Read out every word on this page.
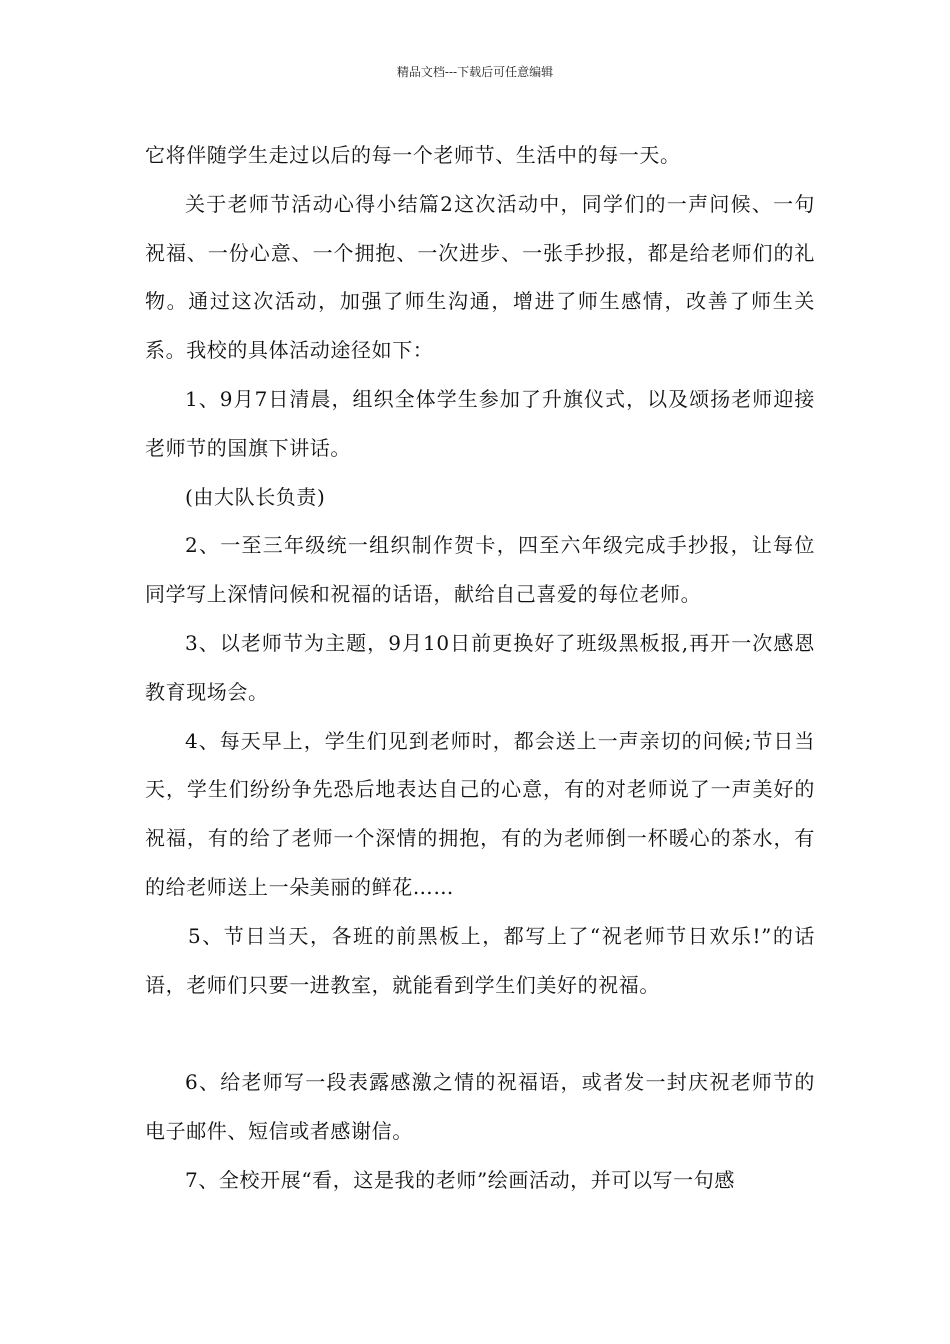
精品文档---下载后可任意编辑

它将伴随学生走过以后的每一个老师节、生活中的每一天。

关于老师节活动心得小结篇2这次活动中，同学们的一声问候、一句祝福、一份心意、一个拥抱、一次进步、一张手抄报，都是给老师们的礼物。通过这次活动，加强了师生沟通，增进了师生感情，改善了师生关系。我校的具体活动途径如下：

1、9月7日清晨，组织全体学生参加了升旗仪式，以及颂扬老师迎接老师节的国旗下讲话。

(由大队长负责)

2、一至三年级统一组织制作贺卡，四至六年级完成手抄报，让每位同学写上深情问候和祝福的话语，献给自己喜爱的每位老师。

3、以老师节为主题，9月10日前更换好了班级黑板报,再开一次感恩教育现场会。

4、每天早上，学生们见到老师时，都会送上一声亲切的问候;节日当天，学生们纷纷争先恐后地表达自己的心意，有的对老师说了一声美好的祝福，有的给了老师一个深情的拥抱，有的为老师倒一杯暖心的茶水，有的给老师送上一朵美丽的鲜花……

5、节日当天，各班的前黑板上，都写上了“祝老师节日欢乐!”的话语，老师们只要一进教室，就能看到学生们美好的祝福。

6、给老师写一段表露感激之情的祝福语，或者发一封庆祝老师节的电子邮件、短信或者感谢信。

7、全校开展“看，这是我的老师”绘画活动，并可以写一句感
